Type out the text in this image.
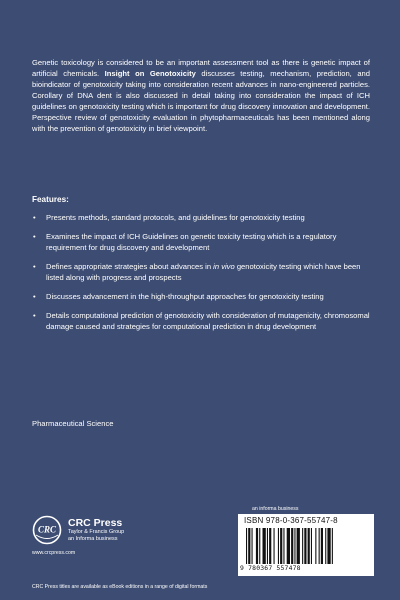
Genetic toxicology is considered to be an important assessment tool as there is genetic impact of artificial chemicals. Insight on Genotoxicity discusses testing, mechanism, prediction, and bioindicator of genotoxicity taking into consideration recent advances in nano-engineered particles. Corollary of DNA dent is also discussed in detail taking into consideration the impact of ICH guidelines on genotoxicity testing which is important for drug discovery innovation and development. Perspective review of genotoxicity evaluation in phytopharmaceuticals has been mentioned along with the prevention of genotoxicity in brief viewpoint.

Features:

• Presents methods, standard protocols, and guidelines for genotoxicity testing
• Examines the impact of ICH Guidelines on genetic toxicity testing which is a regulatory requirement for drug discovery and development
• Defines appropriate strategies about advances in in vivo genotoxicity testing which have been listed along with progress and prospects
• Discusses advancement in the high-throughput approaches for genotoxicity testing
• Details computational prediction of genotoxicity with consideration of mutagenicity, chromosomal damage caused and strategies for computational prediction in drug development

Pharmaceutical Science

CRC
CRC Press
Taylor & Francis Group
an Informa business
www.crcpress.com
an informa business
ISBN 978-0-367-55747-8
9 780367 557478
CRC Press titles are available as eBook editions in a range of digital formats
